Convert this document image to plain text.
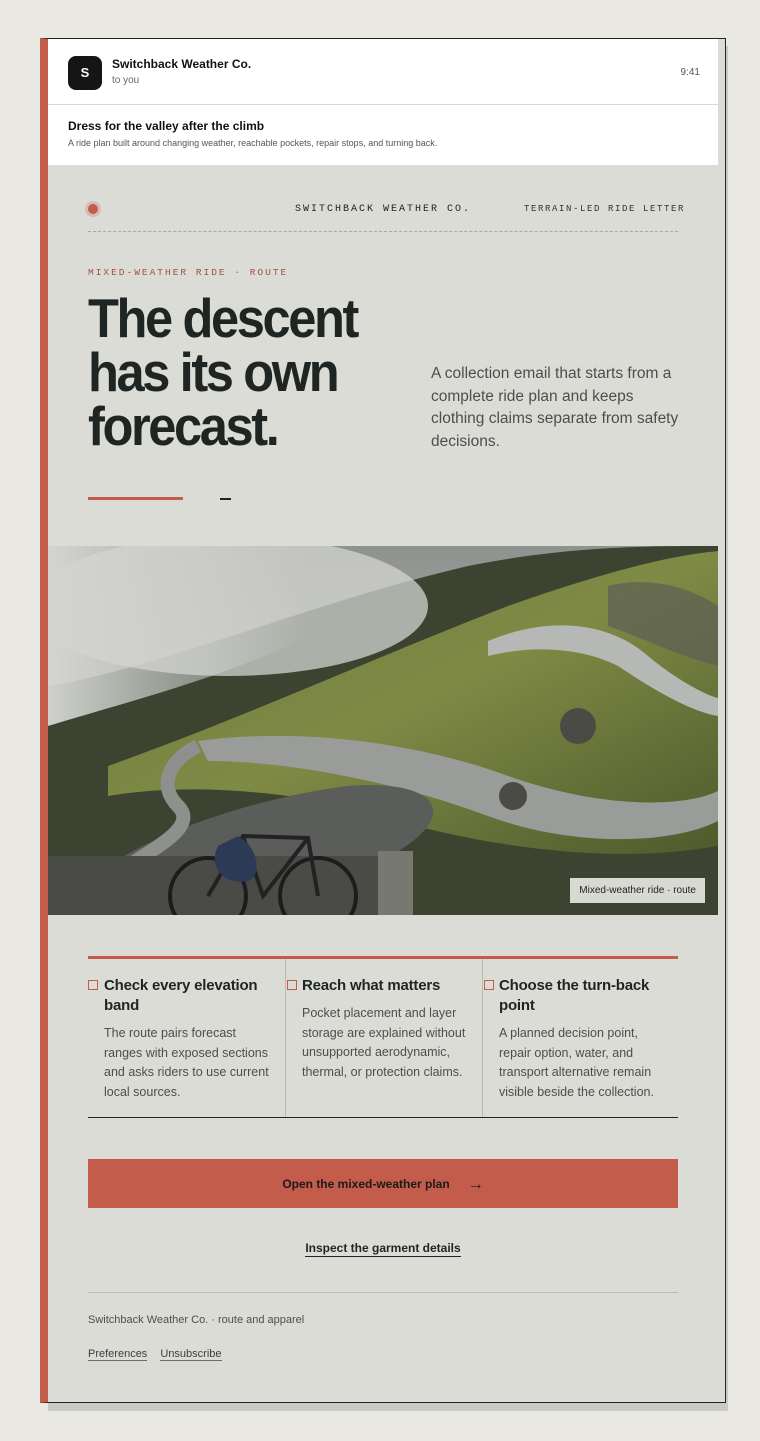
S
Switchback Weather Co.
to you
9:41
Dress for the valley after the climb
A ride plan built around changing weather, reachable pockets, repair stops, and turning back.
SWITCHBACK WEATHER CO.	TERRAIN-LED RIDE LETTER
MIXED-WEATHER RIDE · ROUTE
The descent has its own forecast.
A collection email that starts from a complete ride plan and keeps clothing claims separate from safety decisions.
Mixed-weather ride · route
Check every elevation band

The route pairs forecast ranges with exposed sections and asks riders to use current local sources.

Reach what matters

Pocket placement and layer storage are explained without unsupported aerodynamic, thermal, or protection claims.

Choose the turn-back point

A planned decision point, repair option, water, and transport alternative remain visible beside the collection.

Open the mixed-weather plan →
Inspect the garment details
Switchback Weather Co. · route and apparel
Preferences Unsubscribe
